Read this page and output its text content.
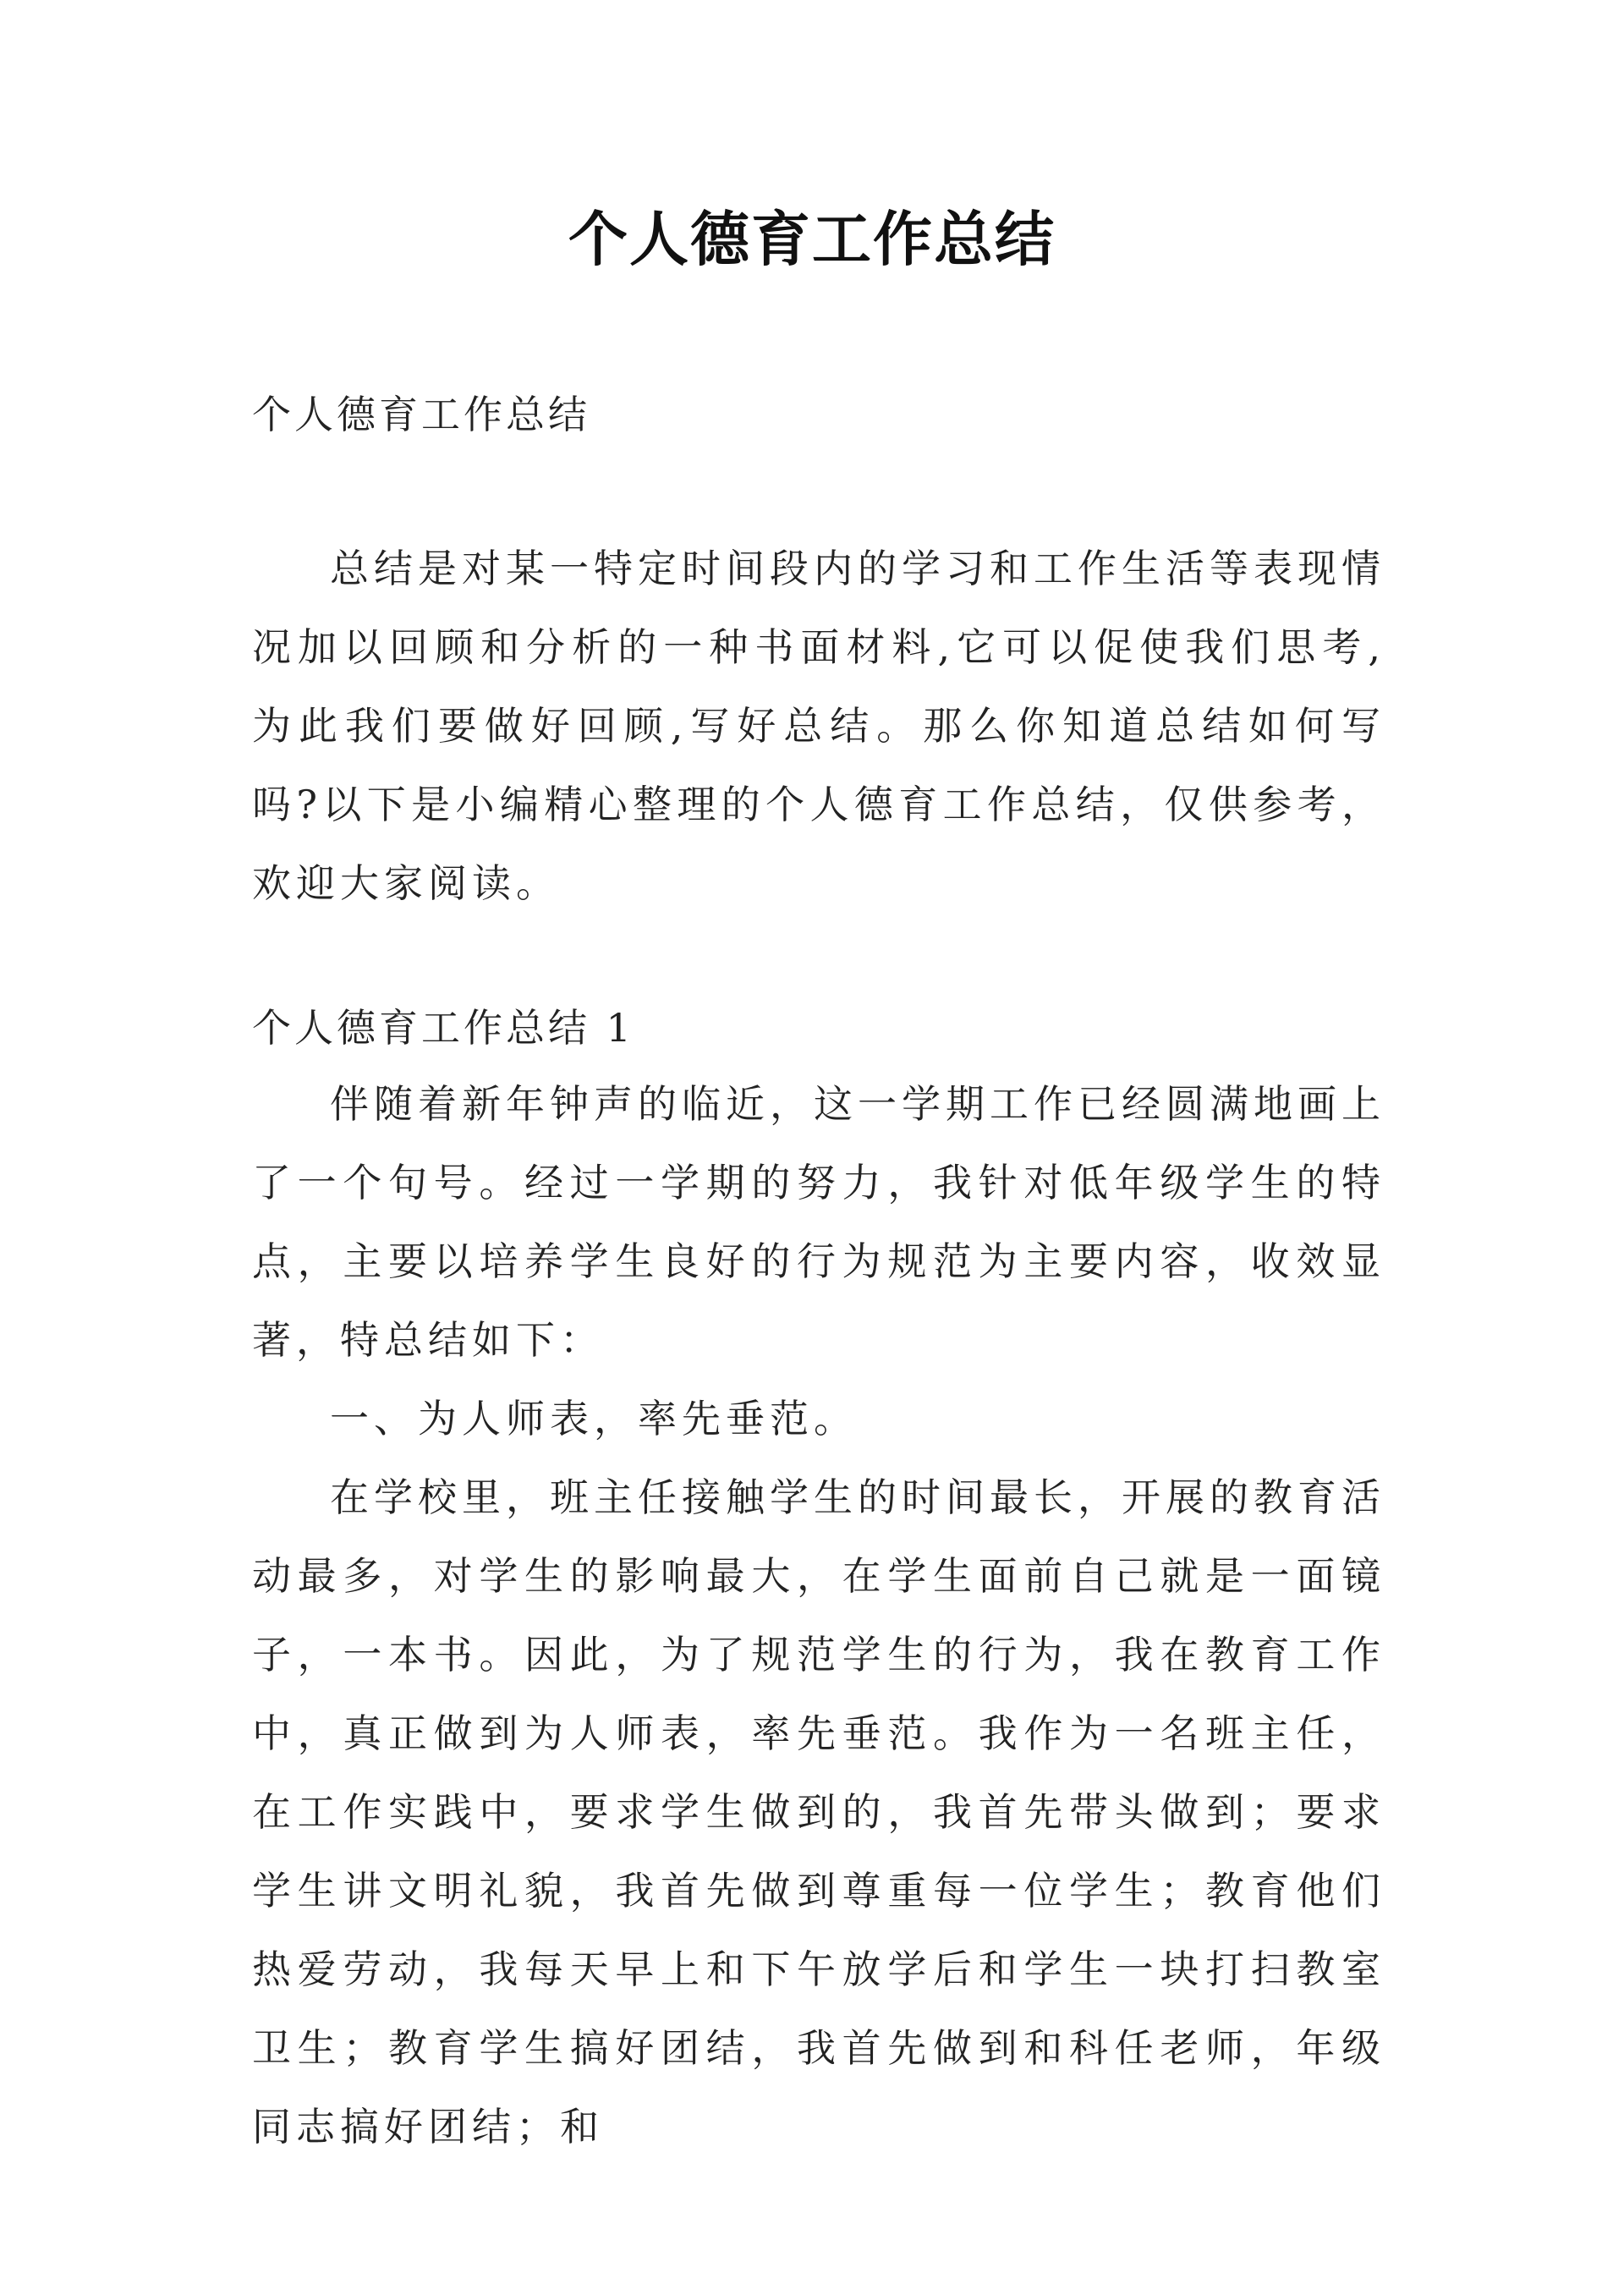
个人德育工作总结
个人德育工作总结

总结是对某一特定时间段内的学习和工作生活等表现情况加以回顾和分析的一种书面材料,它可以促使我们思考,为此我们要做好回顾,写好总结。那么你知道总结如何写吗?以下是小编精心整理的个人德育工作总结，仅供参考，欢迎大家阅读。

个人德育工作总结 1

伴随着新年钟声的临近，这一学期工作已经圆满地画上了一个句号。经过一学期的努力，我针对低年级学生的特点，主要以培养学生良好的行为规范为主要内容，收效显著，特总结如下：

一、为人师表，率先垂范。

在学校里，班主任接触学生的时间最长，开展的教育活动最多，对学生的影响最大，在学生面前自己就是一面镜子，一本书。因此，为了规范学生的行为，我在教育工作中，真正做到为人师表，率先垂范。我作为一名班主任，在工作实践中，要求学生做到的，我首先带头做到；要求学生讲文明礼貌，我首先做到尊重每一位学生；教育他们热爱劳动，我每天早上和下午放学后和学生一块打扫教室卫生；教育学生搞好团结，我首先做到和科任老师，年级同志搞好团结；和
